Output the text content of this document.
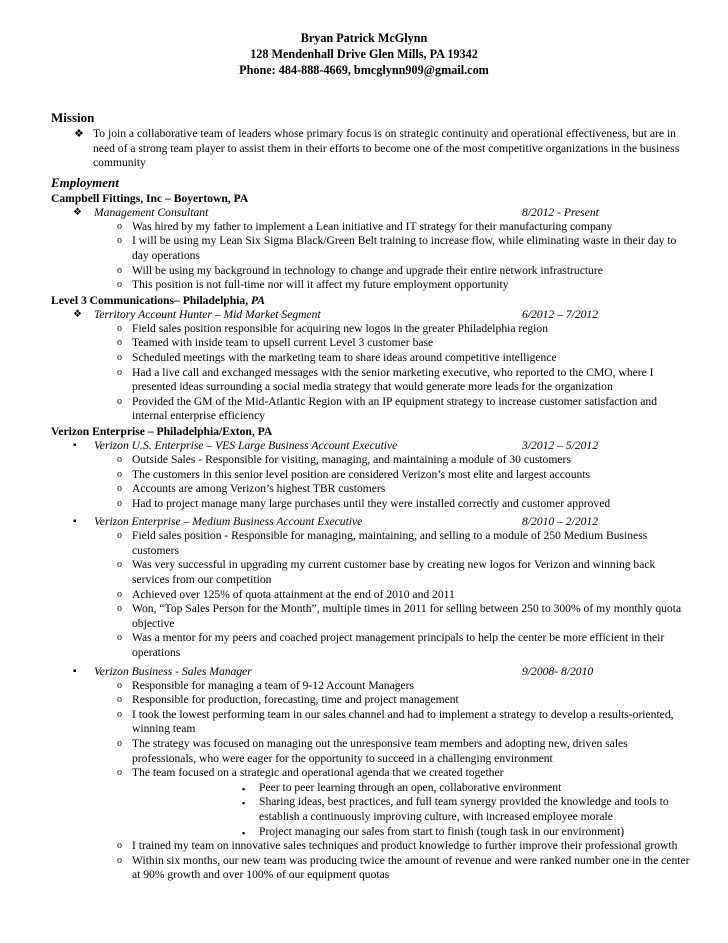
Bryan Patrick McGlynn
128 Mendenhall Drive Glen Mills, PA 19342
Phone: 484-888-4669, bmcglynn909@gmail.com

Mission

❖ To join a collaborative team of leaders whose primary focus is on strategic continuity and operational effectiveness, but are in need of a strong team player to assist them in their efforts to become one of the most competitive organizations in the business community

Employment

Campbell Fittings, Inc – Boyertown, PA

❖ Management Consultant	8/2012 - Present
o Was hired by my father to implement a Lean initiative and IT strategy for their manufacturing company
o I will be using my Lean Six Sigma Black/Green Belt training to increase flow, while eliminating waste in their day to day operations
o Will be using my background in technology to change and upgrade their entire network infrastructure
o This position is not full-time nor will it affect my future employment opportunity

Level 3 Communications– Philadelphia, PA

❖ Territory Account Hunter – Mid Market Segment	6/2012 – 7/2012
o Field sales position responsible for acquiring new logos in the greater Philadelphia region
o Teamed with inside team to upsell current Level 3 customer base
o Scheduled meetings with the marketing team to share ideas around competitive intelligence
o Had a live call and exchanged messages with the senior marketing executive, who reported to the CMO, where I presented ideas surrounding a social media strategy that would generate more leads for the organization
o Provided the GM of the Mid-Atlantic Region with an IP equipment strategy to increase customer satisfaction and internal enterprise efficiency

Verizon Enterprise – Philadelphia/Exton, PA

▪ Verizon U.S. Enterprise – VES Large Business Account Executive	3/2012 – 5/2012
o Outside Sales - Responsible for visiting, managing, and maintaining a module of 30 customers
o The customers in this senior level position are considered Verizon’s most elite and largest accounts
o Accounts are among Verizon’s highest TBR customers
o Had to project manage many large purchases until they were installed correctly and customer approved
▪ Verizon Enterprise – Medium Business Account Executive	8/2010 – 2/2012
o Field sales position - Responsible for managing, maintaining, and selling to a module of 250 Medium Business customers
o Was very successful in upgrading my current customer base by creating new logos for Verizon and winning back services from our competition
o Achieved over 125% of quota attainment at the end of 2010 and 2011
o Won, “Top Sales Person for the Month”, multiple times in 2011 for selling between 250 to 300% of my monthly quota objective
o Was a mentor for my peers and coached project management principals to help the center be more efficient in their operations
▪ Verizon Business - Sales Manager	9/2008- 8/2010
o Responsible for managing a team of 9-12 Account Managers
o Responsible for production, forecasting, time and project management
o I took the lowest performing team in our sales channel and had to implement a strategy to develop a results-oriented, winning team
o The strategy was focused on managing out the unresponsive team members and adopting new, driven sales professionals, who were eager for the opportunity to succeed in a challenging environment
o The team focused on a strategic and operational agenda that we created together
▪ Peer to peer learning through an open, collaborative environment
▪ Sharing ideas, best practices, and full team synergy provided the knowledge and tools to establish a continuously improving culture, with increased employee morale
▪ Project managing our sales from start to finish (tough task in our environment)
o I trained my team on innovative sales techniques and product knowledge to further improve their professional growth
o Within six months, our new team was producing twice the amount of revenue and were ranked number one in the center at 90% growth and over 100% of our equipment quotas
